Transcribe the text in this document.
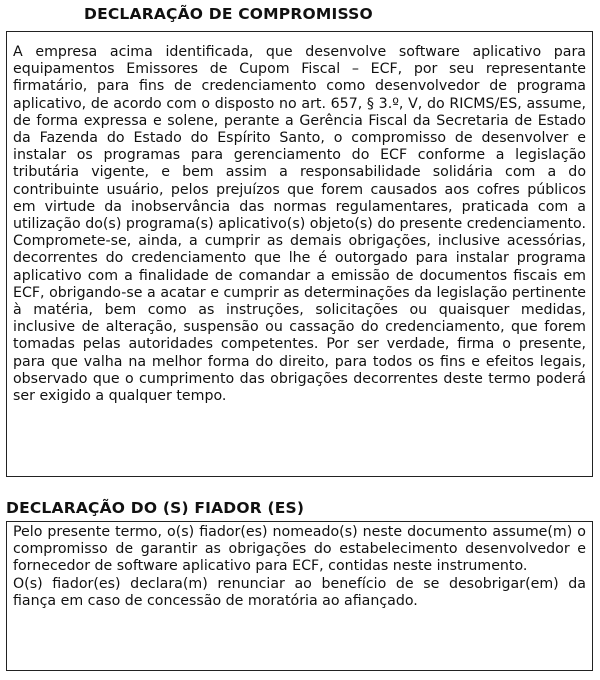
DECLARAÇÃO DE COMPROMISSO

A empresa acima identificada, que desenvolve software aplicativo para equipamentos Emissores de Cupom Fiscal – ECF, por seu representante firmatário, para fins de credenciamento como desenvolvedor de programa aplicativo, de acordo com o disposto no art. 657, § 3.º, V, do RICMS/ES, assume, de forma expressa e solene, perante a Gerência Fiscal da Secretaria de Estado da Fazenda do Estado do Espírito Santo, o compromisso de desenvolver e instalar os programas para gerenciamento do ECF conforme a legislação tributária vigente, e bem assim a responsabilidade solidária com a do contribuinte usuário, pelos prejuízos que forem causados aos cofres públicos em virtude da inobservância das normas regulamentares, praticada com a utilização do(s) programa(s) aplicativo(s) objeto(s) do presente credenciamento. Compromete-se, ainda, a cumprir as demais obrigações, inclusive acessórias, decorrentes do credenciamento que lhe é outorgado para instalar programa aplicativo com a finalidade de comandar a emissão de documentos fiscais em ECF, obrigando-se a acatar e cumprir as determinações da legislação pertinente à matéria, bem como as instruções, solicitações ou quaisquer medidas, inclusive de alteração, suspensão ou cassação do credenciamento, que forem tomadas pelas autoridades competentes. Por ser verdade, firma o presente, para que valha na melhor forma do direito, para todos os fins e efeitos legais, observado que o cumprimento das obrigações decorrentes deste termo poderá ser exigido a qualquer tempo.

DECLARAÇÃO DO (S) FIADOR (ES)

Pelo presente termo, o(s) fiador(es) nomeado(s) neste documento assume(m) o compromisso de garantir as obrigações do estabelecimento desenvolvedor e fornecedor de software aplicativo para ECF, contidas neste instrumento.

O(s) fiador(es) declara(m) renunciar ao benefício de se desobrigar(em) da fiança em caso de concessão de moratória ao afiançado.
